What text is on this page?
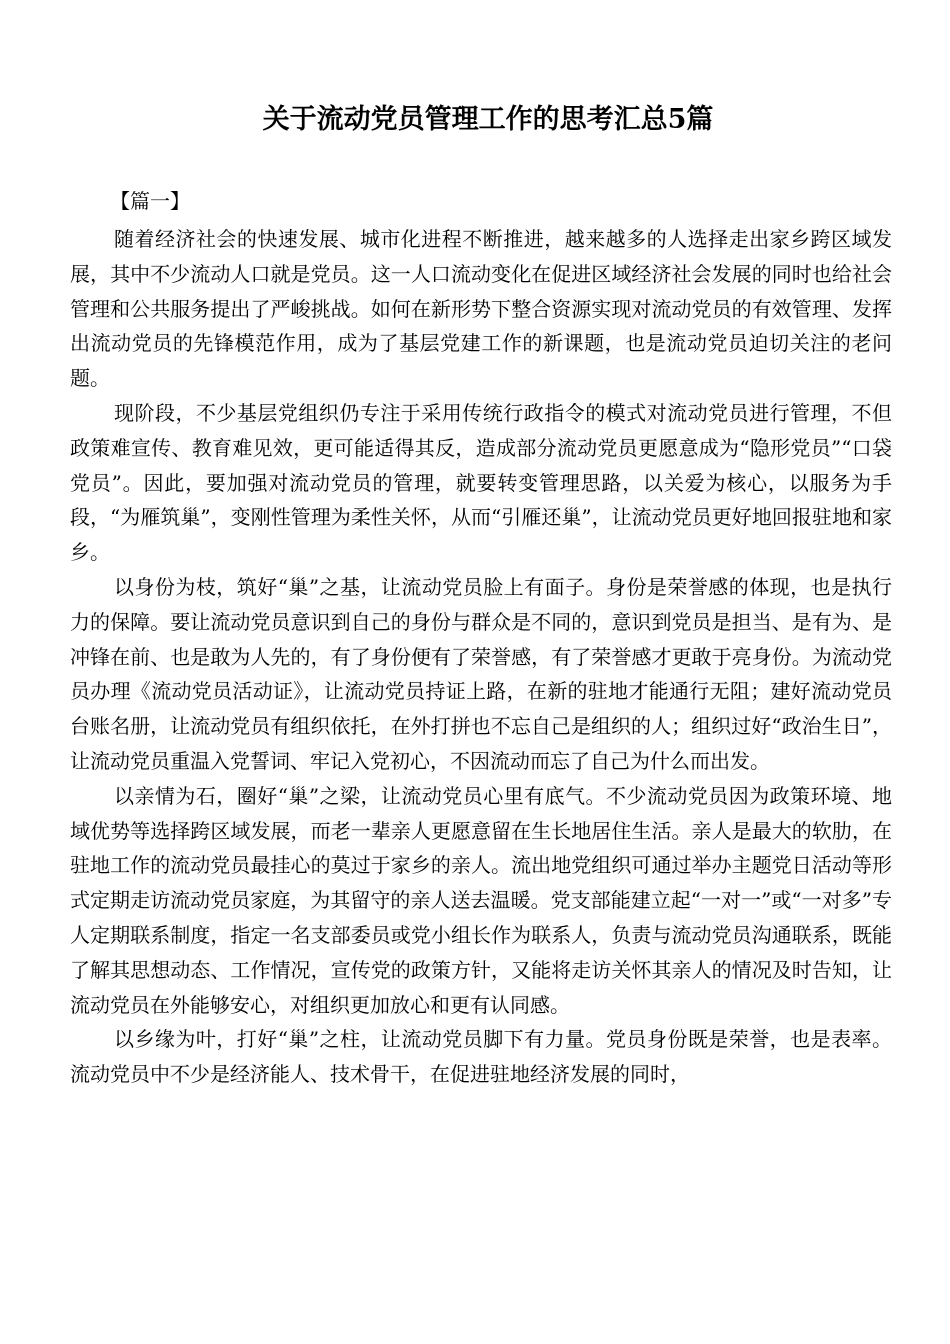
关于流动党员管理工作的思考汇总5篇
【篇一】

随着经济社会的快速发展、城市化进程不断推进，越来越多的人选择走出家乡跨区域发展，其中不少流动人口就是党员。这一人口流动变化在促进区域经济社会发展的同时也给社会管理和公共服务提出了严峻挑战。如何在新形势下整合资源实现对流动党员的有效管理、发挥出流动党员的先锋模范作用，成为了基层党建工作的新课题，也是流动党员迫切关注的老问题。

现阶段，不少基层党组织仍专注于采用传统行政指令的模式对流动党员进行管理，不但政策难宣传、教育难见效，更可能适得其反，造成部分流动党员更愿意成为“隐形党员”“口袋党员”。因此，要加强对流动党员的管理，就要转变管理思路，以关爱为核心，以服务为手段，“为雁筑巢”，变刚性管理为柔性关怀，从而“引雁还巢”，让流动党员更好地回报驻地和家乡。

以身份为枝，筑好“巢”之基，让流动党员脸上有面子。身份是荣誉感的体现，也是执行力的保障。要让流动党员意识到自己的身份与群众是不同的，意识到党员是担当、是有为、是冲锋在前、也是敢为人先的，有了身份便有了荣誉感，有了荣誉感才更敢于亮身份。为流动党员办理《流动党员活动证》，让流动党员持证上路，在新的驻地才能通行无阻；建好流动党员台账名册，让流动党员有组织依托，在外打拼也不忘自己是组织的人；组织过好“政治生日”，让流动党员重温入党誓词、牢记入党初心，不因流动而忘了自己为什么而出发。

以亲情为石，圈好“巢”之梁，让流动党员心里有底气。不少流动党员因为政策环境、地域优势等选择跨区域发展，而老一辈亲人更愿意留在生长地居住生活。亲人是最大的软肋，在驻地工作的流动党员最挂心的莫过于家乡的亲人。流出地党组织可通过举办主题党日活动等形式定期走访流动党员家庭，为其留守的亲人送去温暖。党支部能建立起“一对一”或“一对多”专人定期联系制度，指定一名支部委员或党小组长作为联系人，负责与流动党员沟通联系，既能了解其思想动态、工作情况，宣传党的政策方针，又能将走访关怀其亲人的情况及时告知，让流动党员在外能够安心，对组织更加放心和更有认同感。

以乡缘为叶，打好“巢”之柱，让流动党员脚下有力量。党员身份既是荣誉，也是表率。流动党员中不少是经济能人、技术骨干，在促进驻地经济发展的同时，
